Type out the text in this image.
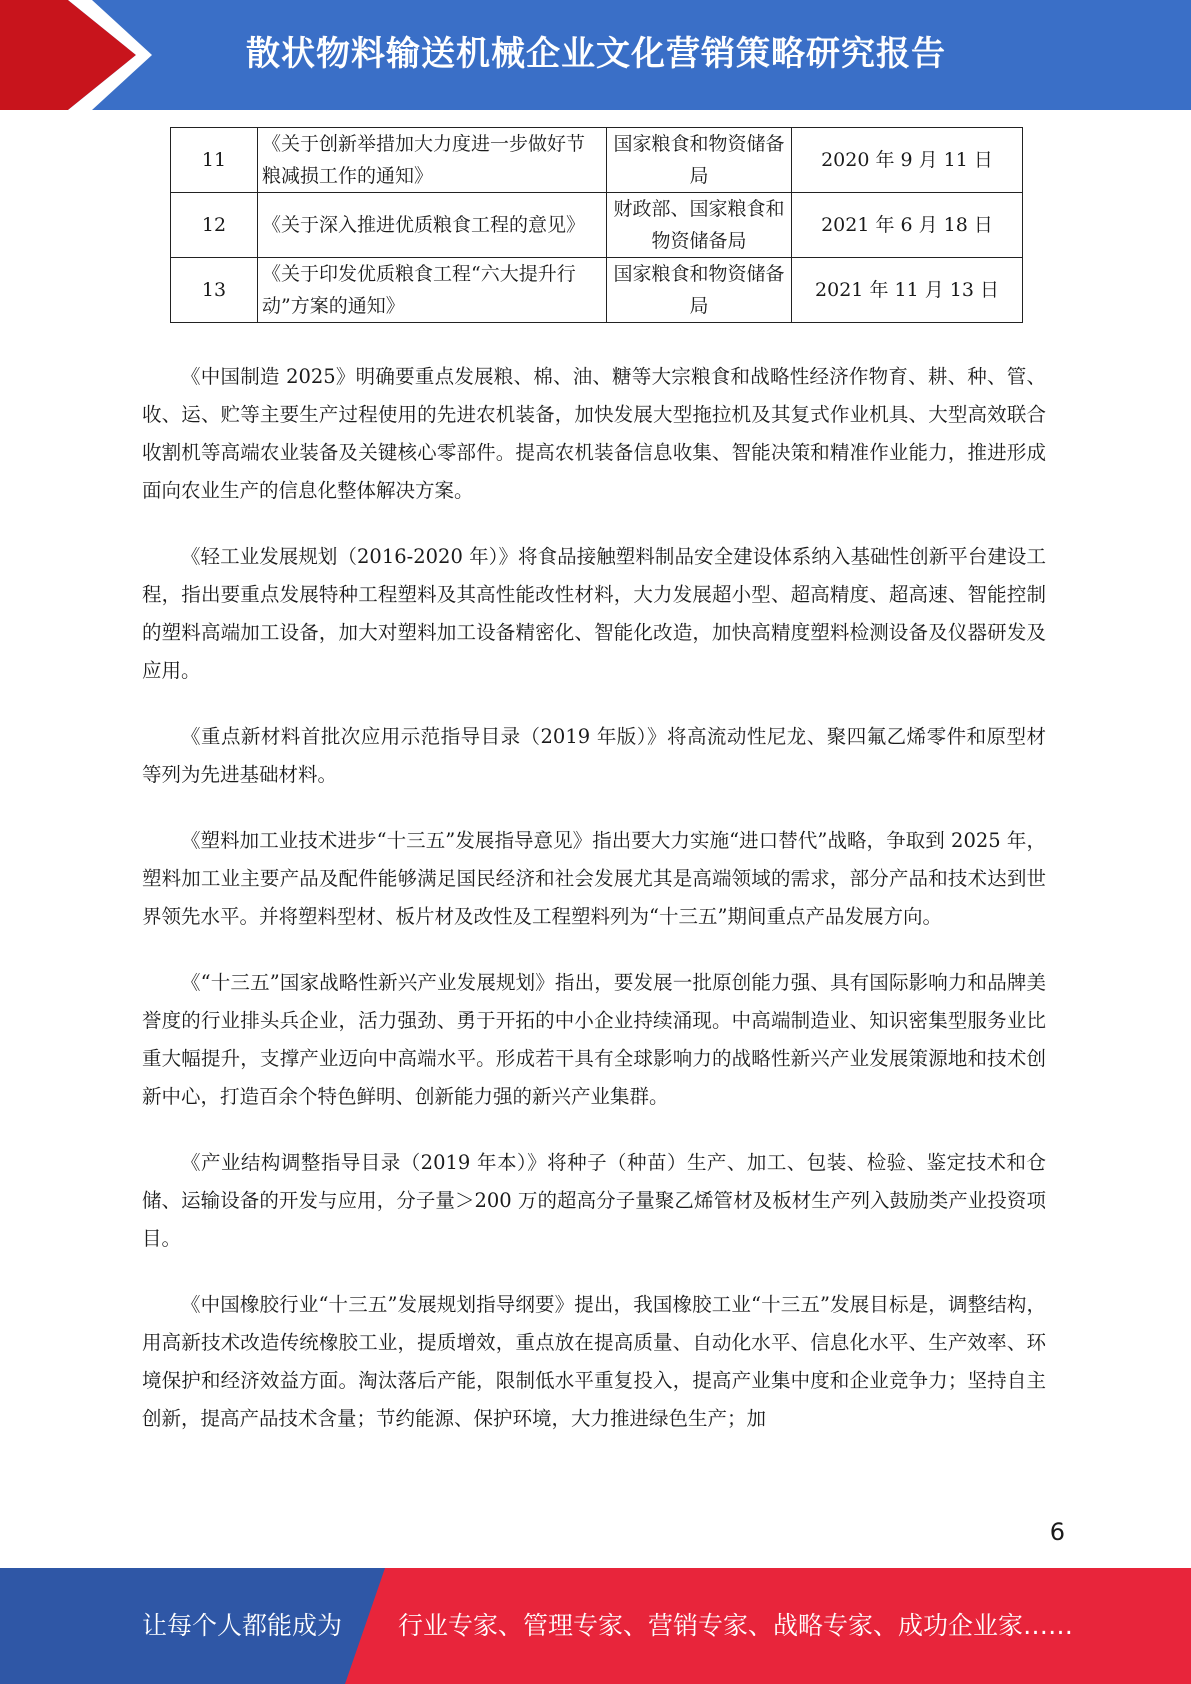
散状物料输送机械企业文化营销策略研究报告
11	《关于创新举措加大力度进一步做好节粮减损工作的通知》	国家粮食和物资储备局	2020 年 9 月 11 日
12	《关于深入推进优质粮食工程的意见》	财政部、国家粮食和物资储备局	2021 年 6 月 18 日
13	《关于印发优质粮食工程“六大提升行动”方案的通知》	国家粮食和物资储备局	2021 年 11 月 13 日

《中国制造 2025》明确要重点发展粮、棉、油、糖等大宗粮食和战略性经济作物育、耕、种、管、收、运、贮等主要生产过程使用的先进农机装备，加快发展大型拖拉机及其复式作业机具、大型高效联合收割机等高端农业装备及关键核心零部件。提高农机装备信息收集、智能决策和精准作业能力，推进形成面向农业生产的信息化整体解决方案。

《轻工业发展规划（2016-2020 年）》将食品接触塑料制品安全建设体系纳入基础性创新平台建设工程，指出要重点发展特种工程塑料及其高性能改性材料，大力发展超小型、超高精度、超高速、智能控制的塑料高端加工设备，加大对塑料加工设备精密化、智能化改造，加快高精度塑料检测设备及仪器研发及应用。

《重点新材料首批次应用示范指导目录（2019 年版）》将高流动性尼龙、聚四氟乙烯零件和原型材等列为先进基础材料。

《塑料加工业技术进步“十三五”发展指导意见》指出要大力实施“进口替代”战略，争取到 2025 年，塑料加工业主要产品及配件能够满足国民经济和社会发展尤其是高端领域的需求，部分产品和技术达到世界领先水平。并将塑料型材、板片材及改性及工程塑料列为“十三五”期间重点产品发展方向。

《“十三五”国家战略性新兴产业发展规划》指出，要发展一批原创能力强、具有国际影响力和品牌美誉度的行业排头兵企业，活力强劲、勇于开拓的中小企业持续涌现。中高端制造业、知识密集型服务业比重大幅提升，支撑产业迈向中高端水平。形成若干具有全球影响力的战略性新兴产业发展策源地和技术创新中心，打造百余个特色鲜明、创新能力强的新兴产业集群。

《产业结构调整指导目录（2019 年本）》将种子（种苗）生产、加工、包装、检验、鉴定技术和仓储、运输设备的开发与应用，分子量＞200 万的超高分子量聚乙烯管材及板材生产列入鼓励类产业投资项目。

《中国橡胶行业“十三五”发展规划指导纲要》提出，我国橡胶工业“十三五”发展目标是，调整结构，用高新技术改造传统橡胶工业，提质增效，重点放在提高质量、自动化水平、信息化水平、生产效率、环境保护和经济效益方面。淘汰落后产能，限制低水平重复投入，提高产业集中度和企业竞争力；坚持自主创新，提高产品技术含量；节约能源、保护环境，大力推进绿色生产；加

6
让每个人都能成为 行业专家、管理专家、营销专家、战略专家、成功企业家……
